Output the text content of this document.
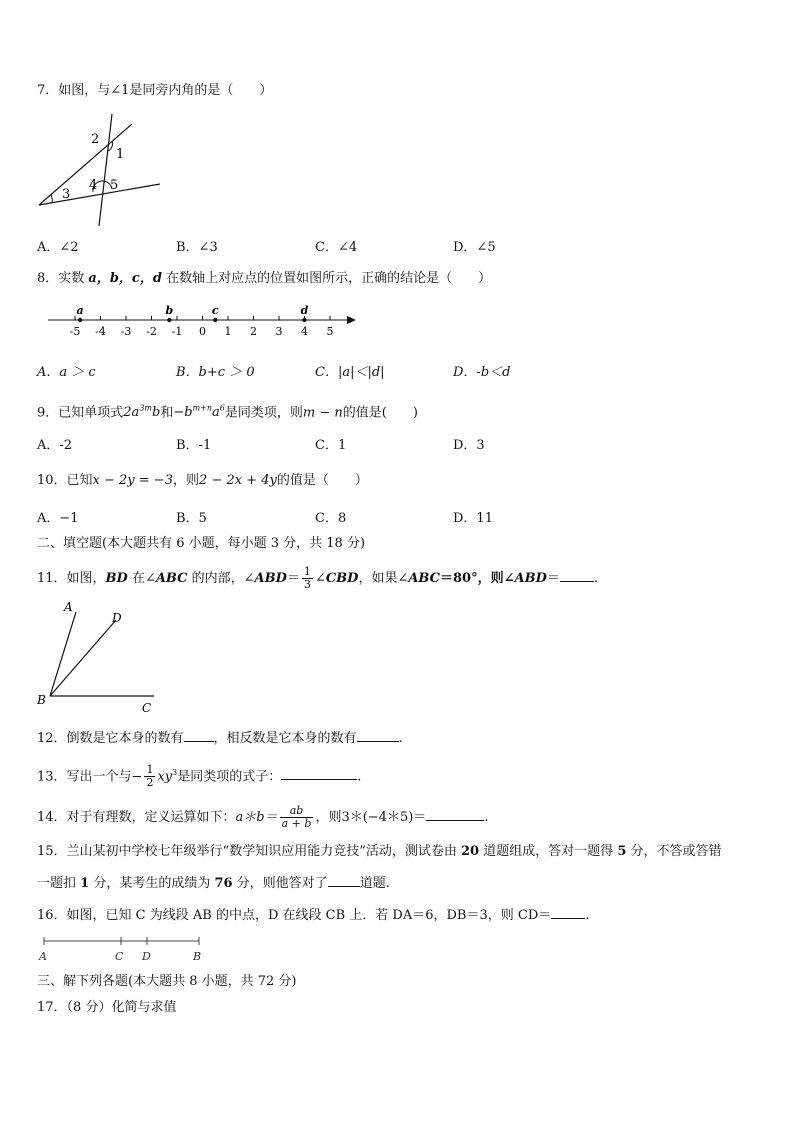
7．如图，与∠1是同旁内角的是（　　）
2
1
3
4 5
A．∠2	B．∠3	C．∠4	D．∠5
8．实数 a，b，c，d 在数轴上对应点的位置如图所示，正确的结论是（　　）
-5 -4 -3 -2 -1 0 1 2 3 4 5
a	b	c	d
A．a ＞ c	B．b+c ＞ 0	C．|a|＜|d|	D．-b＜d
9．已知单项式$2a^{3m}b$和$-b^{m+n}a^6$是同类项，则m − n的值是(　　)
A．-2	B．-1	C．1	D．3
10．已知x − 2y = −3，则2 − 2x + 4y的值是（　　）
A．−1	B．5	C．8	D．11
二、填空题(本大题共有 6 小题，每小题 3 分，共 18 分)
11．如图，BD 在∠ABC 的内部，∠ABD＝ $\frac{1}{3}$ ∠CBD，如果∠ABC＝80°，则∠ABD＝	.
A
D
B
C
12．倒数是它本身的数有 ，相反数是它本身的数有	.
13．写出一个与− $\frac{1}{2} xy^3$是同类项的式子：	.
14．对于有理数，定义运算如下：a＊b＝ $\frac{ab}{a + b}$ ，则3＊(−4＊5)＝	.
15．兰山某初中学校七年级举行“数学知识应用能力竞技”活动，测试卷由 20 道题组成，答对一题得 5 分，不答或答错
一题扣 1 分，某考生的成绩为 76 分，则他答对了 道题.
16．如图，已知 C 为线段 AB 的中点，D 在线段 CB 上．若 DA＝6，DB＝3，则 CD＝	.
A	C D	B
三、解下列各题(本大题共 8 小题，共 72 分)
17．（8 分）化简与求值
